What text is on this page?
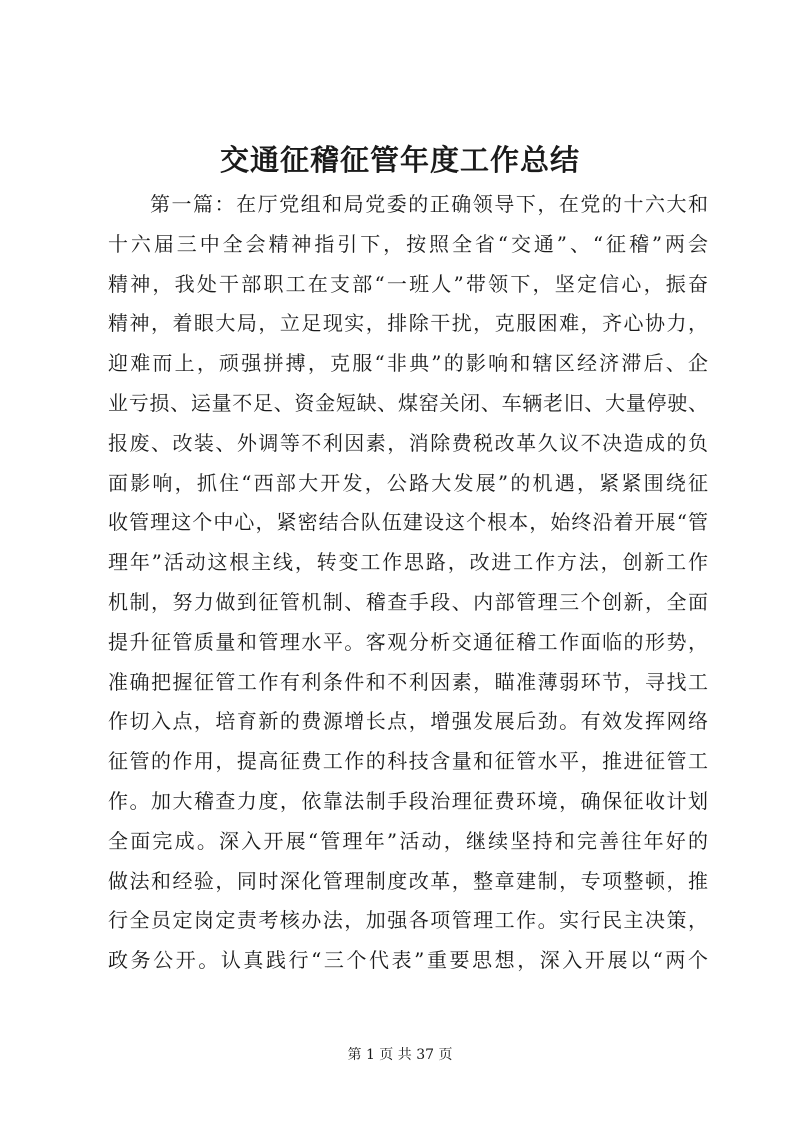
交通征稽征管年度工作总结
第一篇：在厅党组和局党委的正确领导下，在党的十六大和
十六届三中全会精神指引下，按照全省“交通”、“征稽”两会
精神，我处干部职工在支部“一班人”带领下，坚定信心，振奋
精神，着眼大局，立足现实，排除干扰，克服困难，齐心协力，
迎难而上，顽强拼搏，克服“非典”的影响和辖区经济滞后、企
业亏损、运量不足、资金短缺、煤窑关闭、车辆老旧、大量停驶、
报废、改装、外调等不利因素，消除费税改革久议不决造成的负
面影响，抓住“西部大开发，公路大发展”的机遇，紧紧围绕征
收管理这个中心，紧密结合队伍建设这个根本，始终沿着开展“管
理年”活动这根主线，转变工作思路，改进工作方法，创新工作
机制，努力做到征管机制、稽查手段、内部管理三个创新，全面
提升征管质量和管理水平。客观分析交通征稽工作面临的形势，
准确把握征管工作有利条件和不利因素，瞄准薄弱环节，寻找工
作切入点，培育新的费源增长点，增强发展后劲。有效发挥网络
征管的作用，提高征费工作的科技含量和征管水平，推进征管工
作。加大稽查力度，依靠法制手段治理征费环境，确保征收计划
全面完成。深入开展“管理年”活动，继续坚持和完善往年好的
做法和经验，同时深化管理制度改革，整章建制，专项整顿，推
行全员定岗定责考核办法，加强各项管理工作。实行民主决策，
政务公开。认真践行“三个代表”重要思想，深入开展以“两个
第 1 页 共 37 页
